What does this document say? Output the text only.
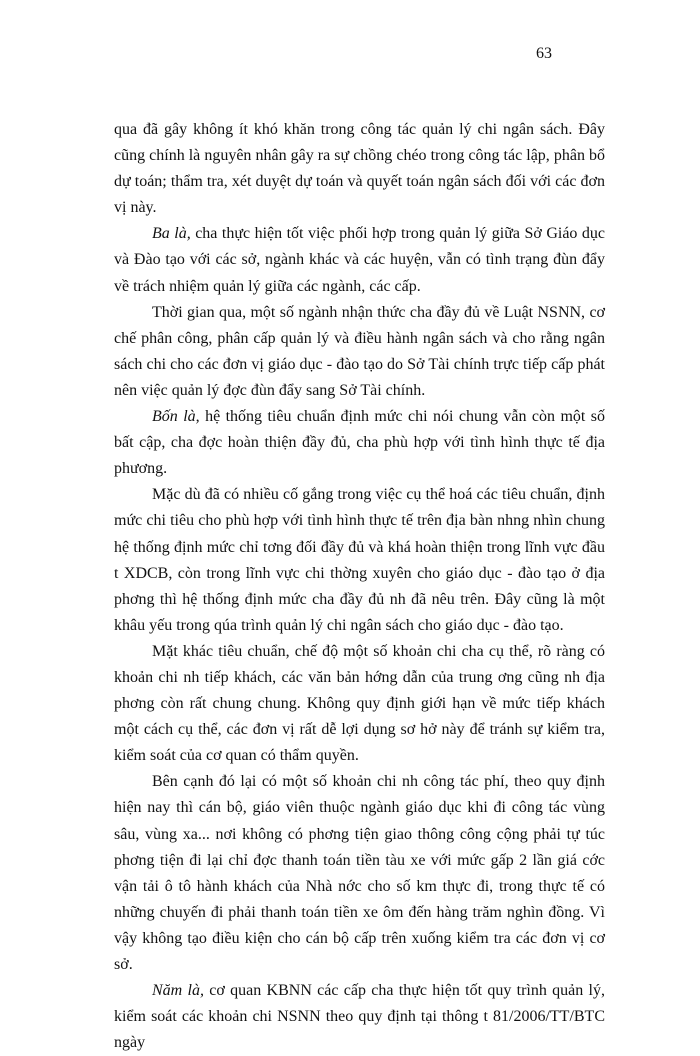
63

qua đã gây không ít khó khăn trong công tác quản lý chi ngân sách. Đây cũng chính là nguyên nhân gây ra sự chồng chéo trong công tác lập, phân bổ dự toán; thẩm tra, xét duyệt dự toán và quyết toán ngân sách đối với các đơn vị này.

Ba là, cha thực hiện tốt việc phối hợp trong quản lý giữa Sở Giáo dục và Đào tạo với các sở, ngành khác và các huyện, vẫn có tình trạng đùn đẩy về trách nhiệm quản lý giữa các ngành, các cấp.

Thời gian qua, một số ngành nhận thức cha đầy đủ về Luật NSNN, cơ chế phân công, phân cấp quản lý và điều hành ngân sách và cho rằng ngân sách chi cho các đơn vị giáo dục - đào tạo do Sở Tài chính trực tiếp cấp phát nên việc quản lý đợc đùn đẩy sang Sở Tài chính.

Bốn là, hệ thống tiêu chuẩn định mức chi nói chung vẫn còn một số bất cập, cha đợc hoàn thiện đầy đủ, cha phù hợp với tình hình thực tế địa phương.

Mặc dù đã có nhiều cố gắng trong việc cụ thể hoá các tiêu chuẩn, định mức chi tiêu cho phù hợp với tình hình thực tế trên địa bàn nhng nhìn chung hệ thống định mức chỉ tơng đối đầy đủ và khá hoàn thiện trong lĩnh vực đầu t XDCB, còn trong lĩnh vực chi thờng xuyên cho giáo dục - đào tạo ở địa phơng thì hệ thống định mức cha đầy đủ nh đã nêu trên. Đây cũng là một khâu yếu trong qúa trình quản lý chi ngân sách cho giáo dục - đào tạo.

Mặt khác tiêu chuẩn, chế độ một số khoản chi cha cụ thể, rõ ràng có khoản chi nh tiếp khách, các văn bản hớng dẫn của trung ơng cũng nh địa phơng còn rất chung chung. Không quy định giới hạn về mức tiếp khách một cách cụ thể, các đơn vị rất dễ lợi dụng sơ hở này để tránh sự kiểm tra, kiểm soát của cơ quan có thẩm quyền.

Bên cạnh đó lại có một số khoản chi nh công tác phí, theo quy định hiện nay thì cán bộ, giáo viên thuộc ngành giáo dục khi đi công tác vùng sâu, vùng xa... nơi không có phơng tiện giao thông công cộng phải tự túc phơng tiện đi lại chỉ đợc thanh toán tiền tàu xe với mức gấp 2 lần giá cớc vận tải ô tô hành khách của Nhà nớc cho số km thực đi, trong thực tế có những chuyến đi phải thanh toán tiền xe ôm đến hàng trăm nghìn đồng. Vì vậy không tạo điều kiện cho cán bộ cấp trên xuống kiểm tra các đơn vị cơ sở.

Năm là, cơ quan KBNN các cấp cha thực hiện tốt quy trình quản lý, kiểm soát các khoản chi NSNN theo quy định tại thông t 81/2006/TT/BTC ngày
